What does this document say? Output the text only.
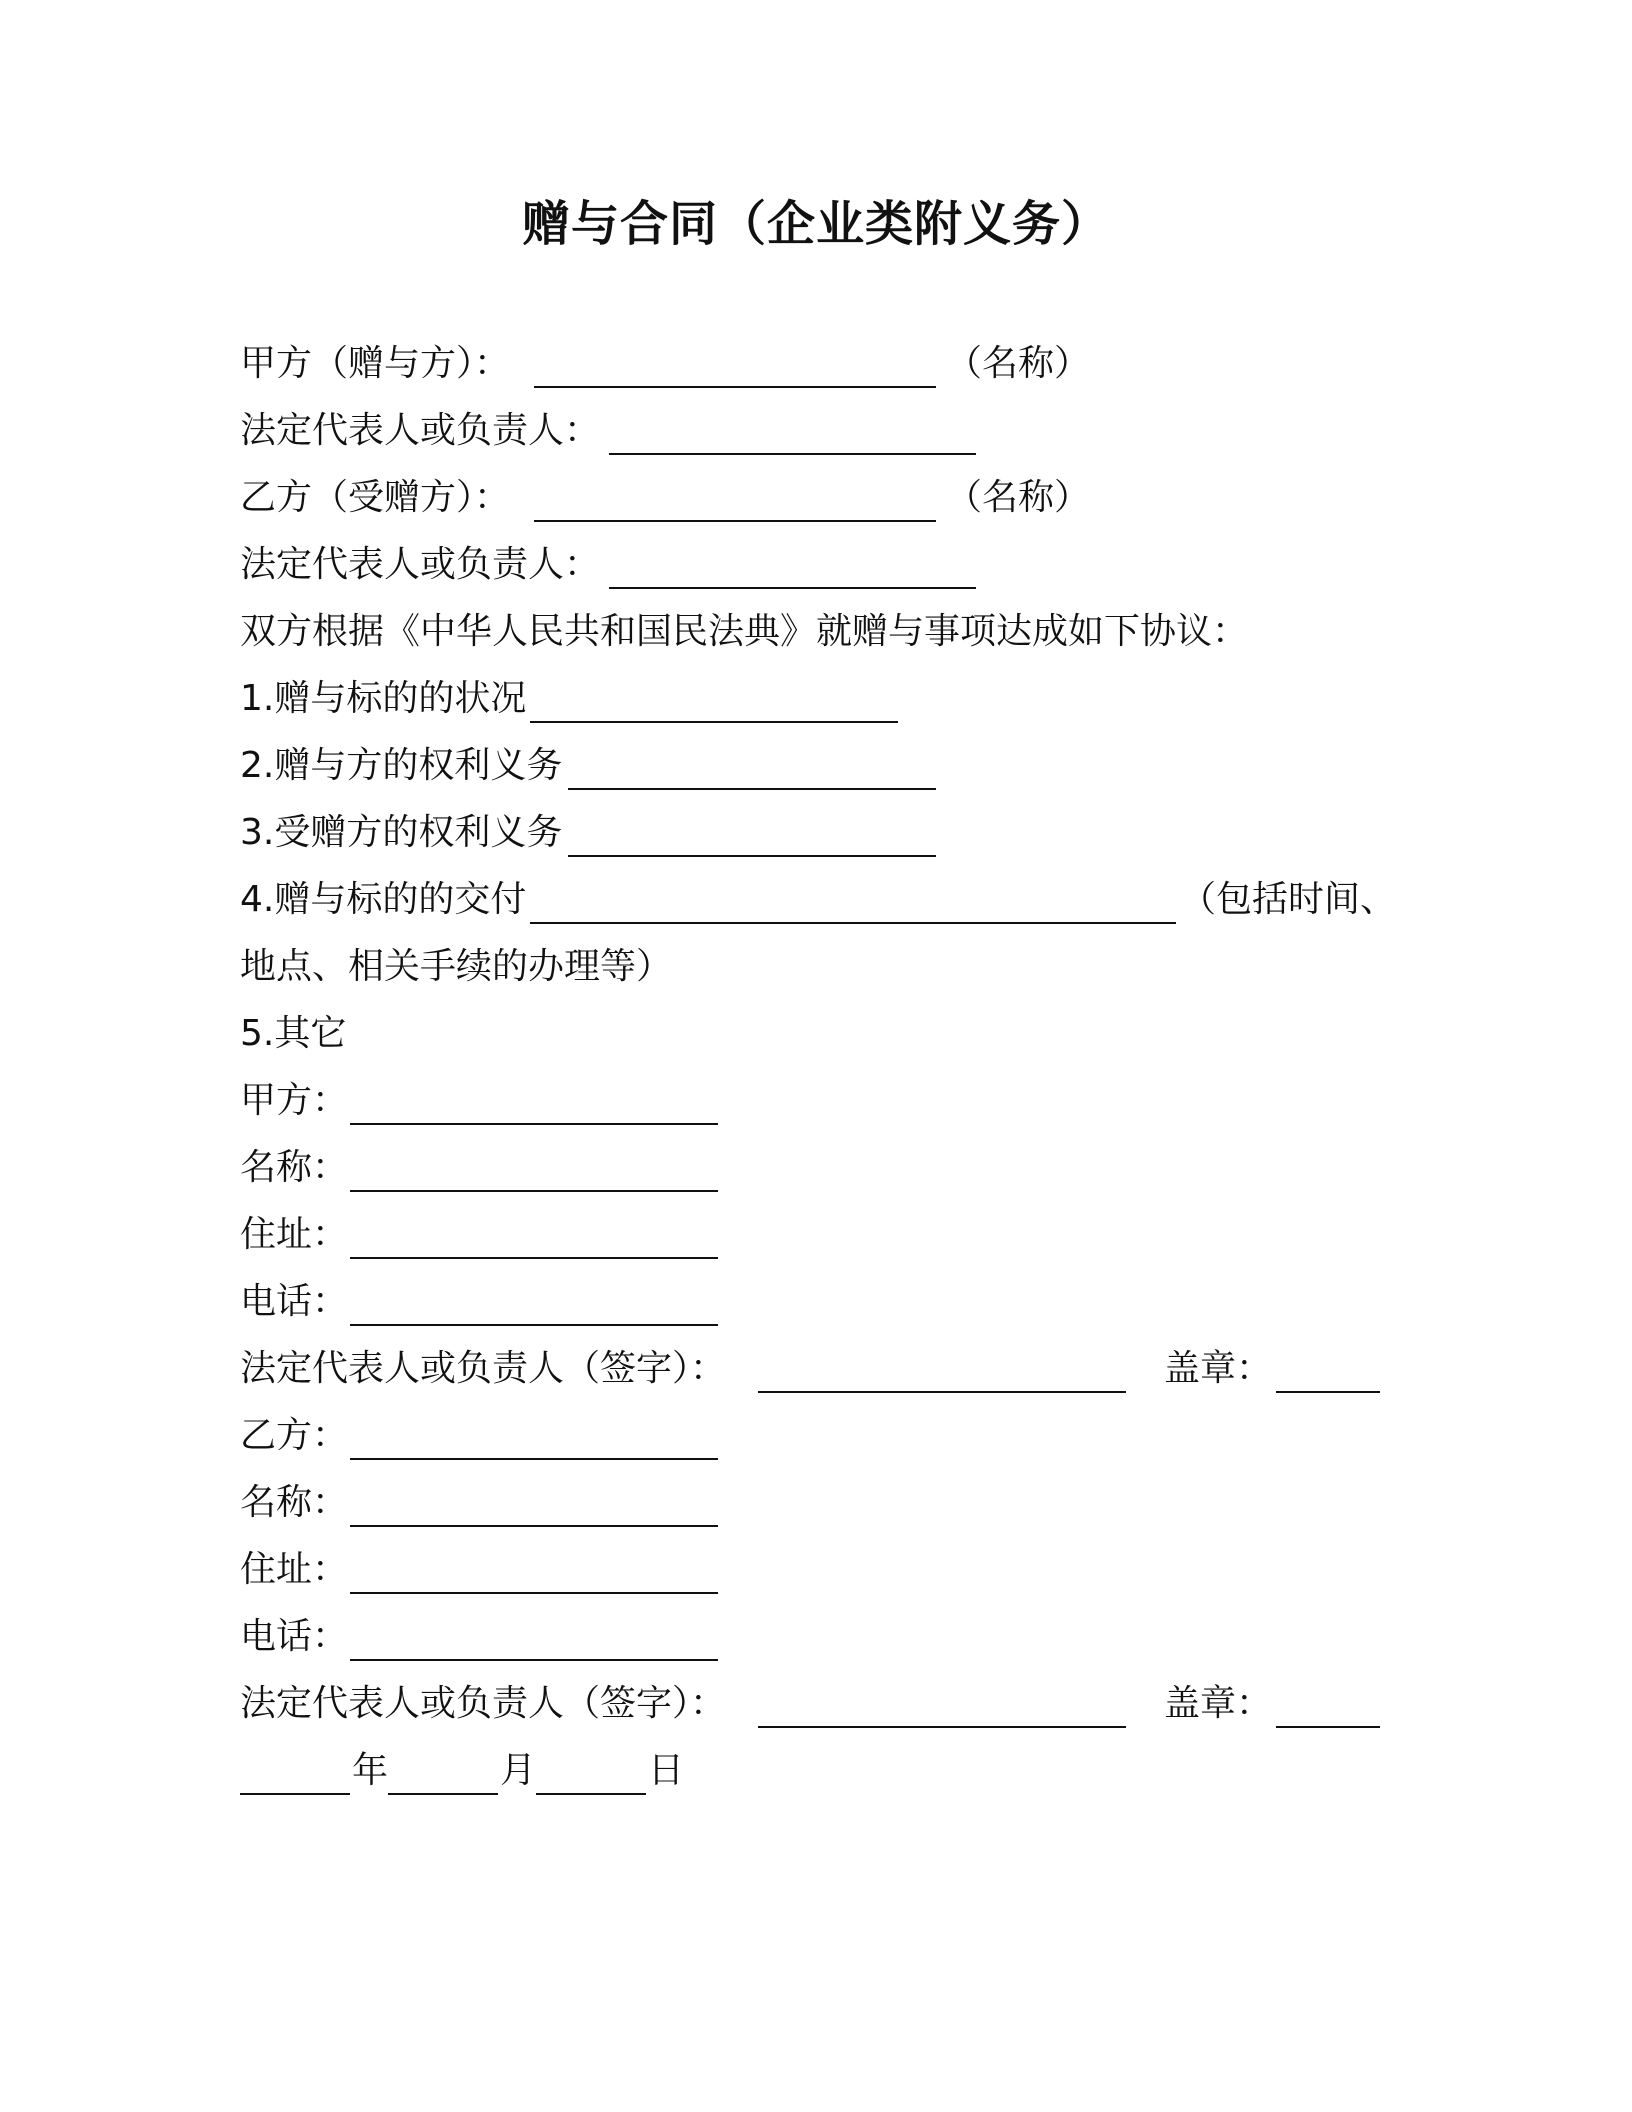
赠与合同（企业类附义务）
甲方（赠与方）：	（名称）
法定代表人或负责人：
乙方（受赠方）：	（名称）
法定代表人或负责人：
双方根据《中华人民共和国民法典》就赠与事项达成如下协议：
1.赠与标的的状况
2.赠与方的权利义务
3.受赠方的权利义务
4.赠与标的的交付	（包括时间、
地点、相关手续的办理等）
5.其它
甲方：
名称：
住址：
电话：
法定代表人或负责人（签字）：	盖章：
乙方：
名称：
住址：
电话：
法定代表人或负责人（签字）：	盖章：
年	月	日
